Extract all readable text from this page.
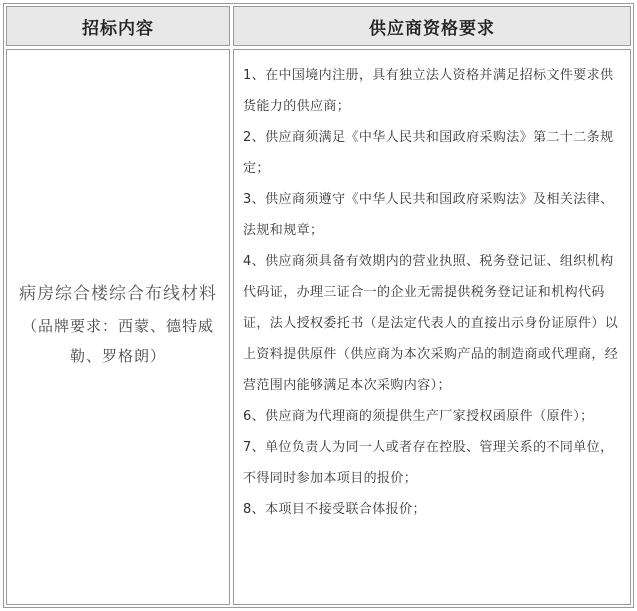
招标内容
病房综合楼综合布线材料
（品牌要求：西蒙、德特威勒、罗格朗）
供应商资格要求
1、在中国境内注册，具有独立法人资格并满足招标文件要求供货能力的供应商；
2、供应商须满足《中华人民共和国政府采购法》第二十二条规定；
3、供应商须遵守《中华人民共和国政府采购法》及相关法律、法规和规章；
4、供应商须具备有效期内的营业执照、税务登记证、组织机构代码证，办理三证合一的企业无需提供税务登记证和机构代码证，法人授权委托书（是法定代表人的直接出示身份证原件）以上资料提供原件（供应商为本次采购产品的制造商或代理商，经营范围内能够满足本次采购内容）；
6、供应商为代理商的须提供生产厂家授权函原件（原件）；
7、单位负责人为同一人或者存在控股、管理关系的不同单位，不得同时参加本项目的报价；
8、本项目不接受联合体报价；
